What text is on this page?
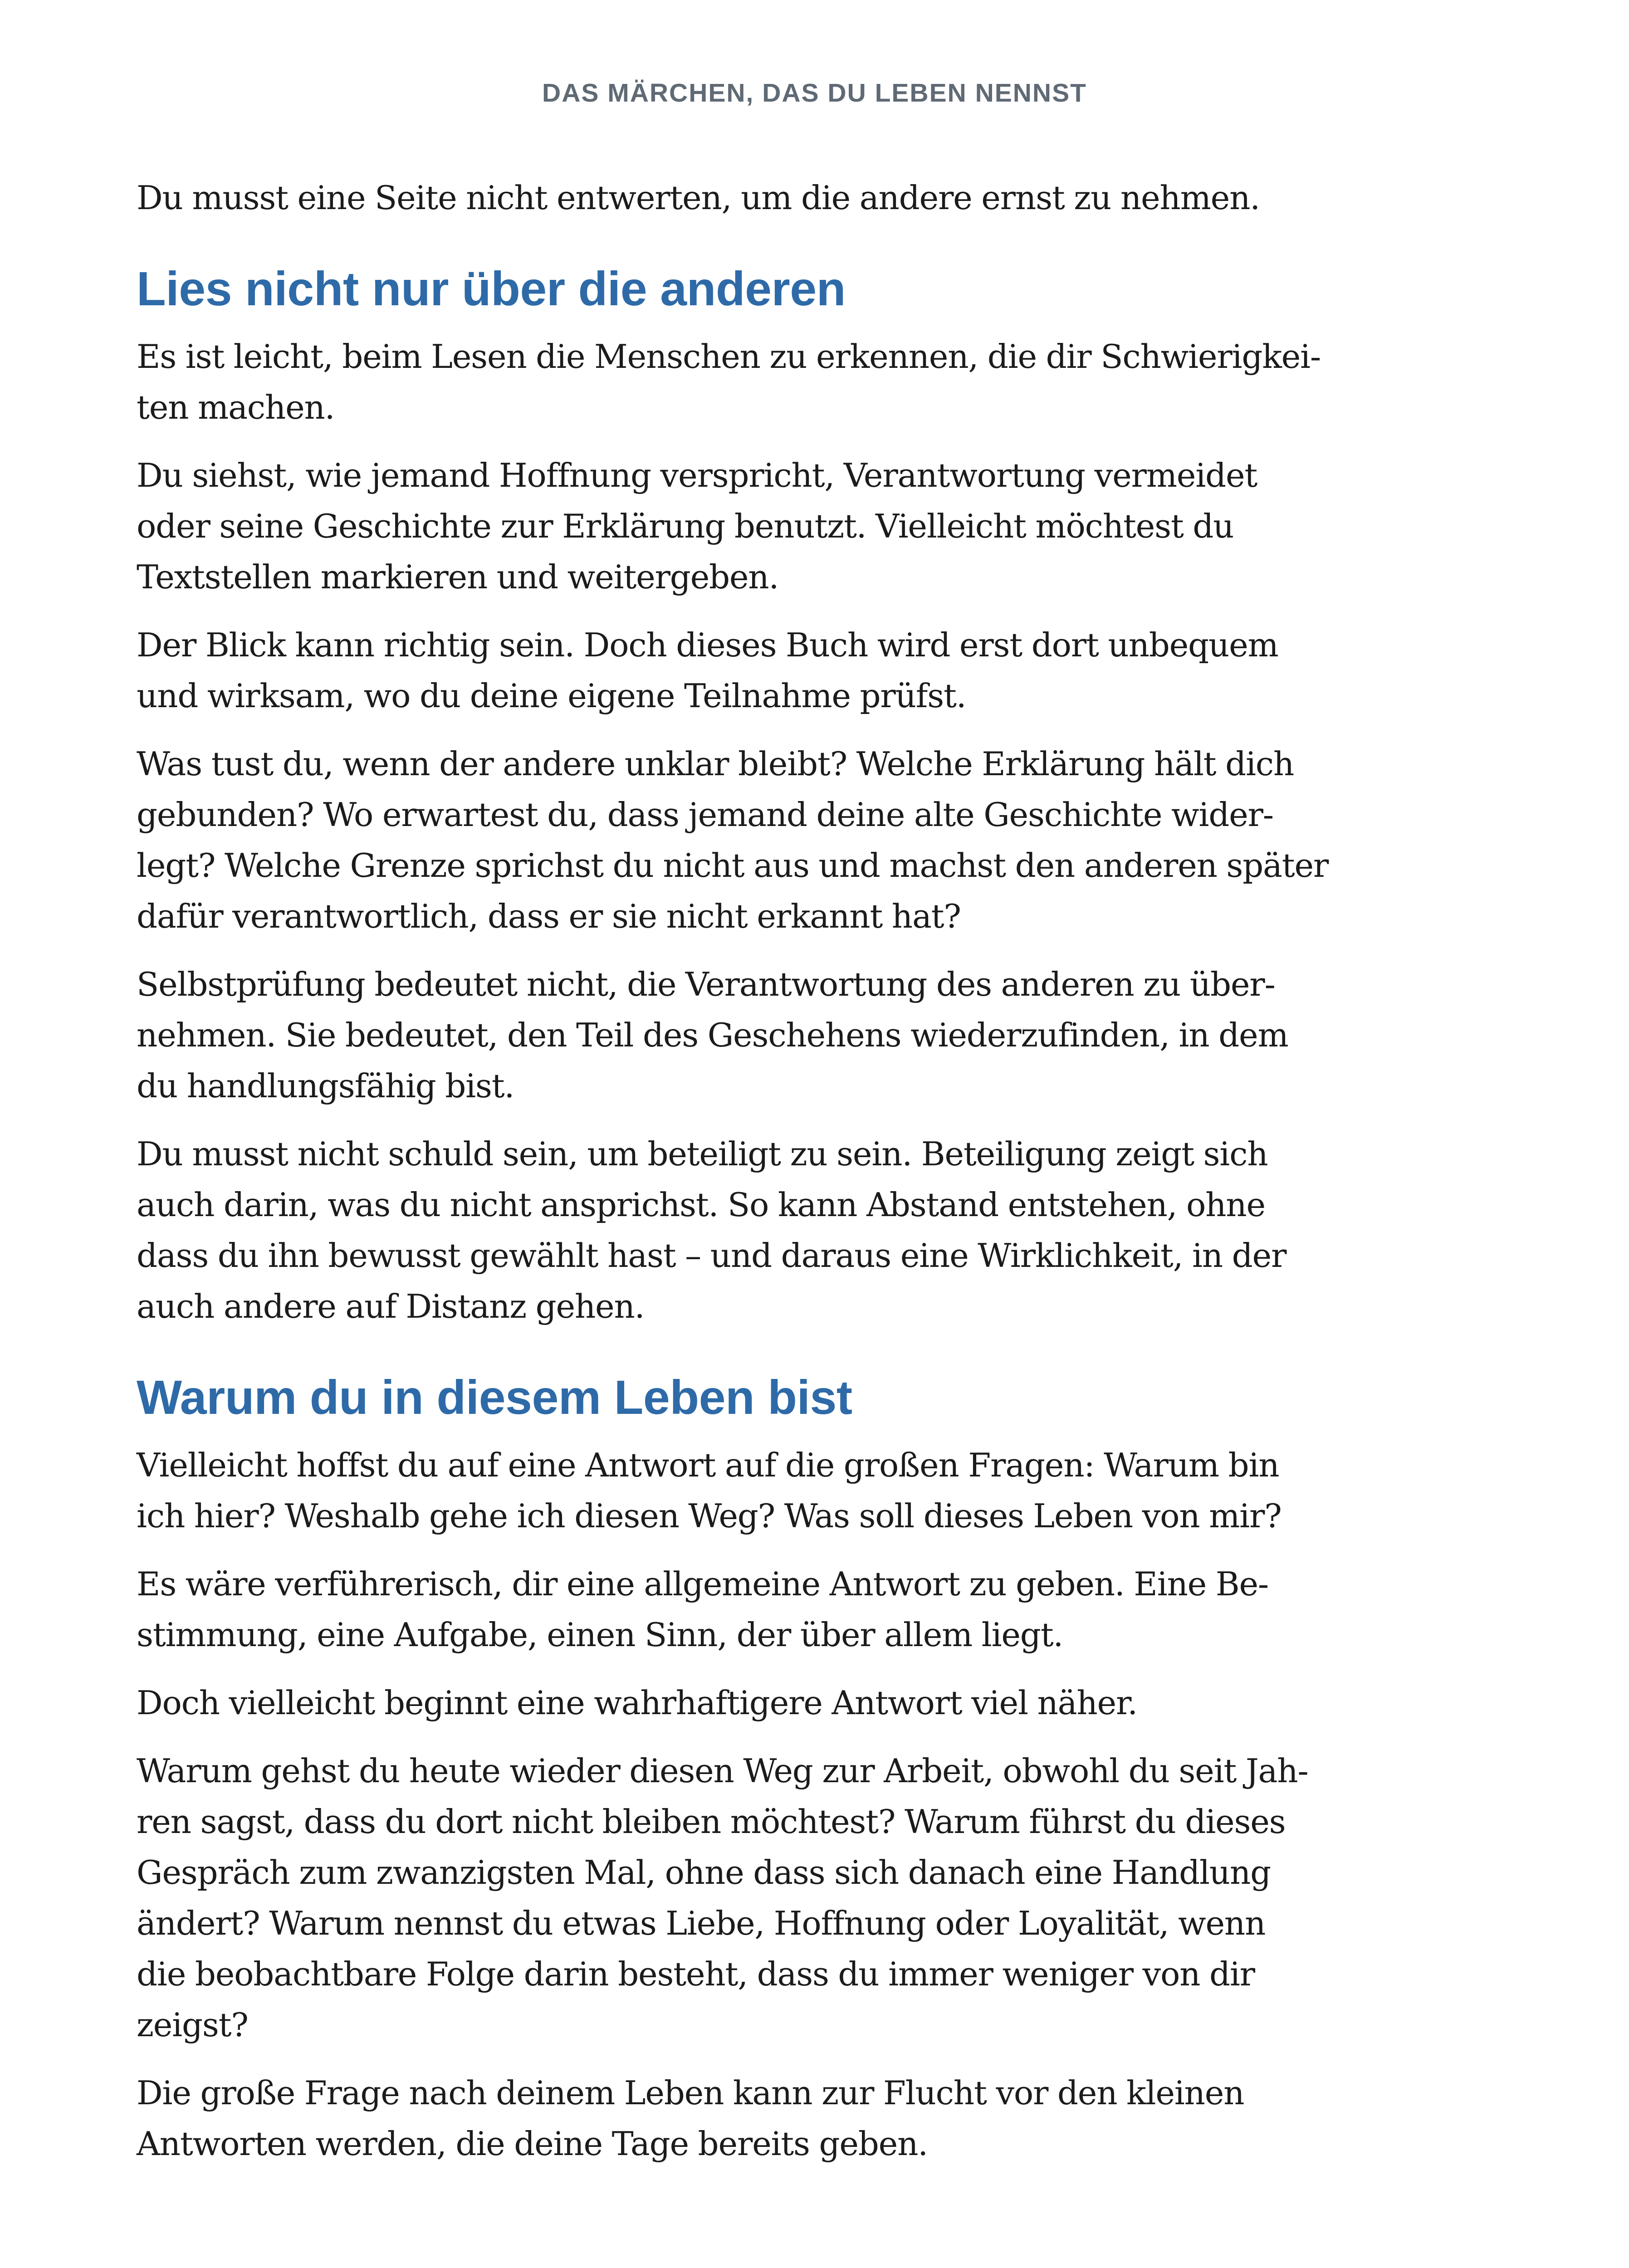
DAS MÄRCHEN, DAS DU LEBEN NENNST

Du musst eine Seite nicht entwerten, um die andere ernst zu nehmen.

Lies nicht nur über die anderen

Es ist leicht, beim Lesen die Menschen zu erkennen, die dir Schwierigkei-
ten machen.

Du siehst, wie jemand Hoffnung verspricht, Verantwortung vermeidet
oder seine Geschichte zur Erklärung benutzt. Vielleicht möchtest du
Textstellen markieren und weitergeben.

Der Blick kann richtig sein. Doch dieses Buch wird erst dort unbequem
und wirksam, wo du deine eigene Teilnahme prüfst.

Was tust du, wenn der andere unklar bleibt? Welche Erklärung hält dich
gebunden? Wo erwartest du, dass jemand deine alte Geschichte wider-
legt? Welche Grenze sprichst du nicht aus und machst den anderen später
dafür verantwortlich, dass er sie nicht erkannt hat?

Selbstprüfung bedeutet nicht, die Verantwortung des anderen zu über-
nehmen. Sie bedeutet, den Teil des Geschehens wiederzufinden, in dem
du handlungsfähig bist.

Du musst nicht schuld sein, um beteiligt zu sein. Beteiligung zeigt sich
auch darin, was du nicht ansprichst. So kann Abstand entstehen, ohne
dass du ihn bewusst gewählt hast – und daraus eine Wirklichkeit, in der
auch andere auf Distanz gehen.

Warum du in diesem Leben bist

Vielleicht hoffst du auf eine Antwort auf die großen Fragen: Warum bin
ich hier? Weshalb gehe ich diesen Weg? Was soll dieses Leben von mir?

Es wäre verführerisch, dir eine allgemeine Antwort zu geben. Eine Be-
stimmung, eine Aufgabe, einen Sinn, der über allem liegt.

Doch vielleicht beginnt eine wahrhaftigere Antwort viel näher.

Warum gehst du heute wieder diesen Weg zur Arbeit, obwohl du seit Jah-
ren sagst, dass du dort nicht bleiben möchtest? Warum führst du dieses
Gespräch zum zwanzigsten Mal, ohne dass sich danach eine Handlung
ändert? Warum nennst du etwas Liebe, Hoffnung oder Loyalität, wenn
die beobachtbare Folge darin besteht, dass du immer weniger von dir
zeigst?

Die große Frage nach deinem Leben kann zur Flucht vor den kleinen
Antworten werden, die deine Tage bereits geben.
